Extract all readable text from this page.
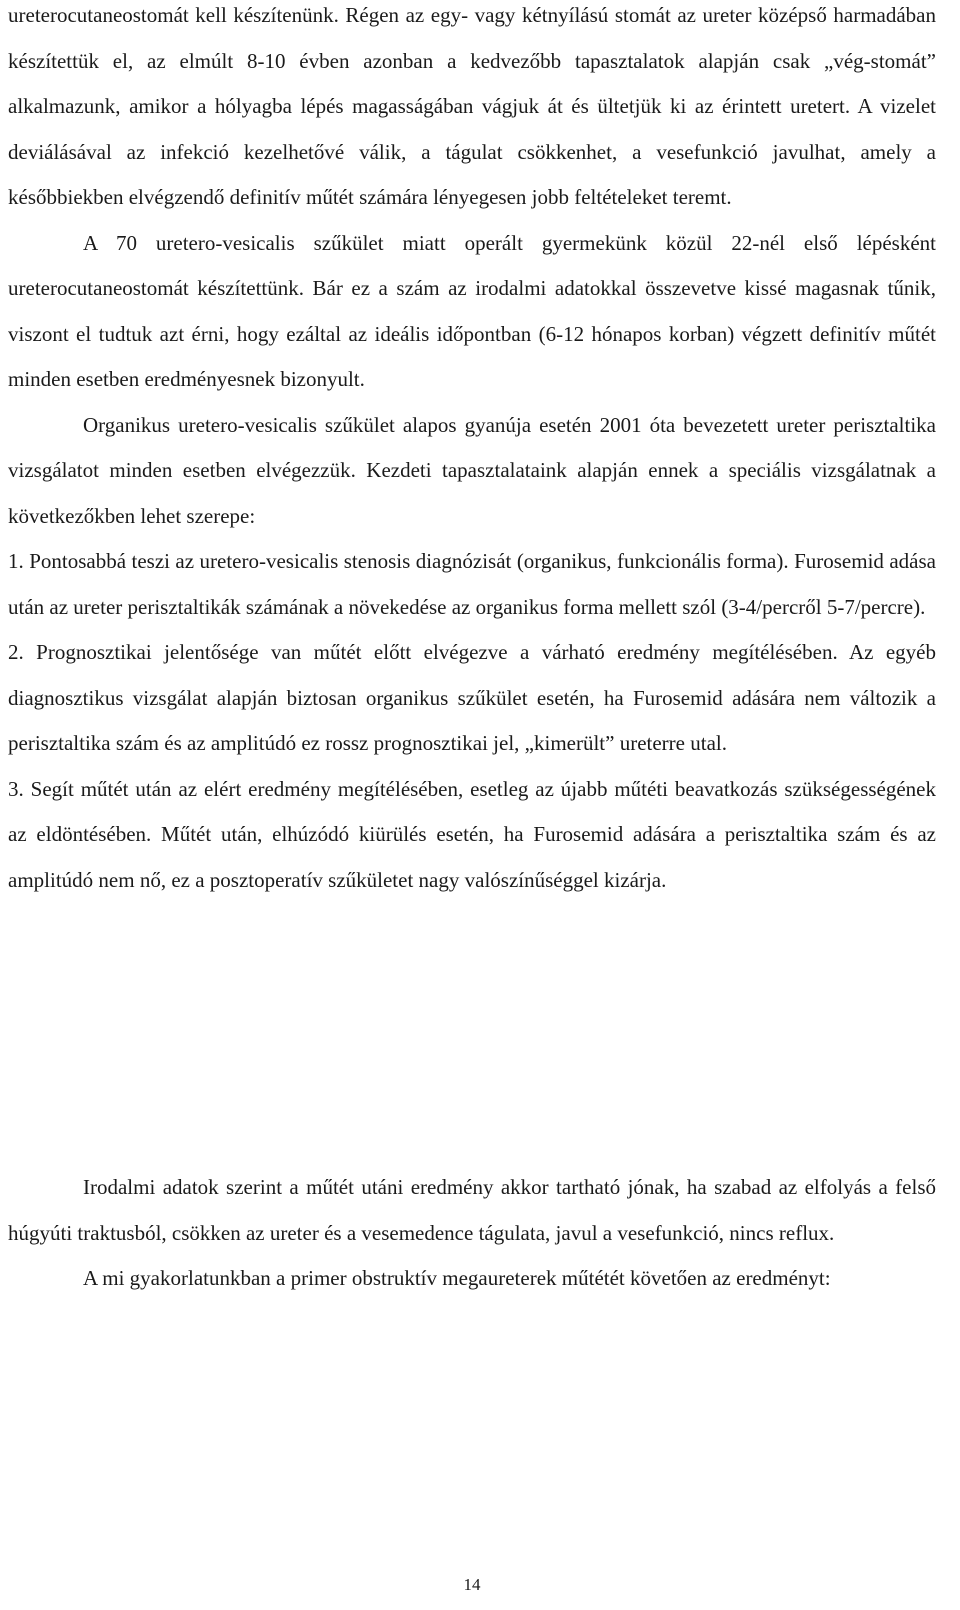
ureterocutaneostomát kell készítenünk. Régen az egy- vagy kétnyílású stomát az ureter középső harmadában készítettük el, az elmúlt 8-10 évben azonban a kedvezőbb tapasztalatok alapján csak „vég-stomát” alkalmazunk, amikor a hólyagba lépés magasságában vágjuk át és ültetjük ki az érintett uretert. A vizelet deviálásával az infekció kezelhetővé válik, a tágulat csökkenhet, a vesefunkció javulhat, amely a későbbiekben elvégzendő definitív műtét számára lényegesen jobb feltételeket teremt.

A 70 uretero-vesicalis szűkület miatt operált gyermekünk közül 22-nél első lépésként ureterocutaneostomát készítettünk. Bár ez a szám az irodalmi adatokkal összevetve kissé magasnak tűnik, viszont el tudtuk azt érni, hogy ezáltal az ideális időpontban (6-12 hónapos korban) végzett definitív műtét minden esetben eredményesnek bizonyult.

Organikus uretero-vesicalis szűkület alapos gyanúja esetén 2001 óta bevezetett ureter perisztaltika vizsgálatot minden esetben elvégezzük. Kezdeti tapasztalataink alapján ennek a speciális vizsgálatnak a következőkben lehet szerepe:

1. Pontosabbá teszi az uretero-vesicalis stenosis diagnózisát (organikus, funkcionális forma). Furosemid adása után az ureter perisztaltikák számának a növekedése az organikus forma mellett szól (3-4/percről 5-7/percre).

2. Prognosztikai jelentősége van műtét előtt elvégezve a várható eredmény megítélésében. Az egyéb diagnosztikus vizsgálat alapján biztosan organikus szűkület esetén, ha Furosemid adására nem változik a perisztaltika szám és az amplitúdó ez rossz prognosztikai jel, „kimerült” ureterre utal.

3. Segít műtét után az elért eredmény megítélésében, esetleg az újabb műtéti beavatkozás szükségességének az eldöntésében. Műtét után, elhúzódó kiürülés esetén, ha Furosemid adására a perisztaltika szám és az amplitúdó nem nő, ez a posztoperatív szűkületet nagy valószínűséggel kizárja.

Irodalmi adatok szerint a műtét utáni eredmény akkor tartható jónak, ha szabad az elfolyás a felső húgyúti traktusból, csökken az ureter és a vesemedence tágulata, javul a vesefunkció, nincs reflux.

A mi gyakorlatunkban a primer obstruktív megaureterek műtétét követően az eredményt:

14
